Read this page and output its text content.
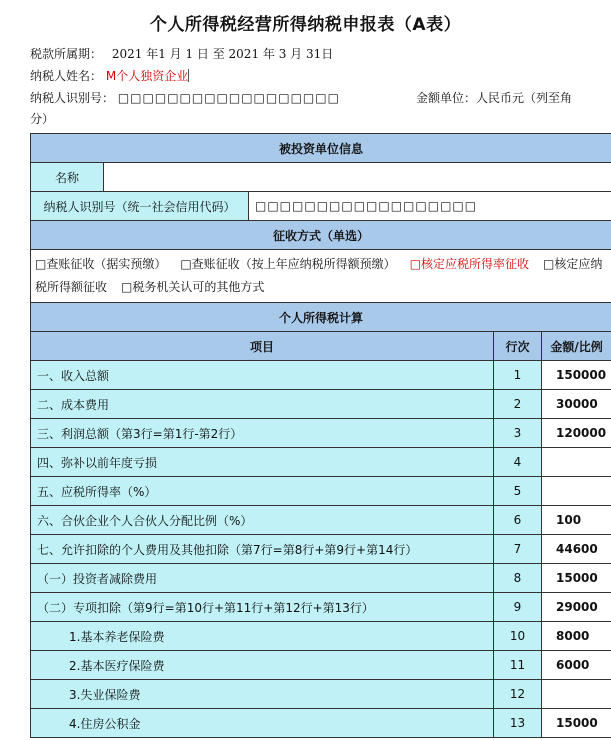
个人所得税经营所得纳税申报表（A表）
税款所属期： 2021 年1 月 1 日 至 2021 年 3 月 31日
纳税人姓名： M个人独资企业
纳税人识别号： □□□□□□□□□□□□□□□□□□	金额单位：人民币元（列至角
分）
被投资单位信息				
名称				
纳税人识别号（统一社会信用代码）		□□□□□□□□□□□□□□□□□□		
征收方式（单选）				
□查账征收（据实预缴） □查账征收（按上年应纳税所得额预缴） □核定应税所得率征收 □核定应纳税所得额征收 □税务机关认可的其他方式				
个人所得税计算				
项目			行次	金额/比例
一、收入总额			1	150000
二、成本费用			2	30000
三、利润总额（第3行=第1行-第2行）			3	120000
四、弥补以前年度亏损			4	
五、应税所得率（%）			5	
六、合伙企业个人合伙人分配比例（%）			6	100
七、允许扣除的个人费用及其他扣除（第7行=第8行+第9行+第14行）			7	44600
（一）投资者减除费用			8	15000
（二）专项扣除（第9行=第10行+第11行+第12行+第13行）			9	29000
1.基本养老保险费			10	8000
2.基本医疗保险费			11	6000
3.失业保险费			12	
4.住房公积金			13	15000
